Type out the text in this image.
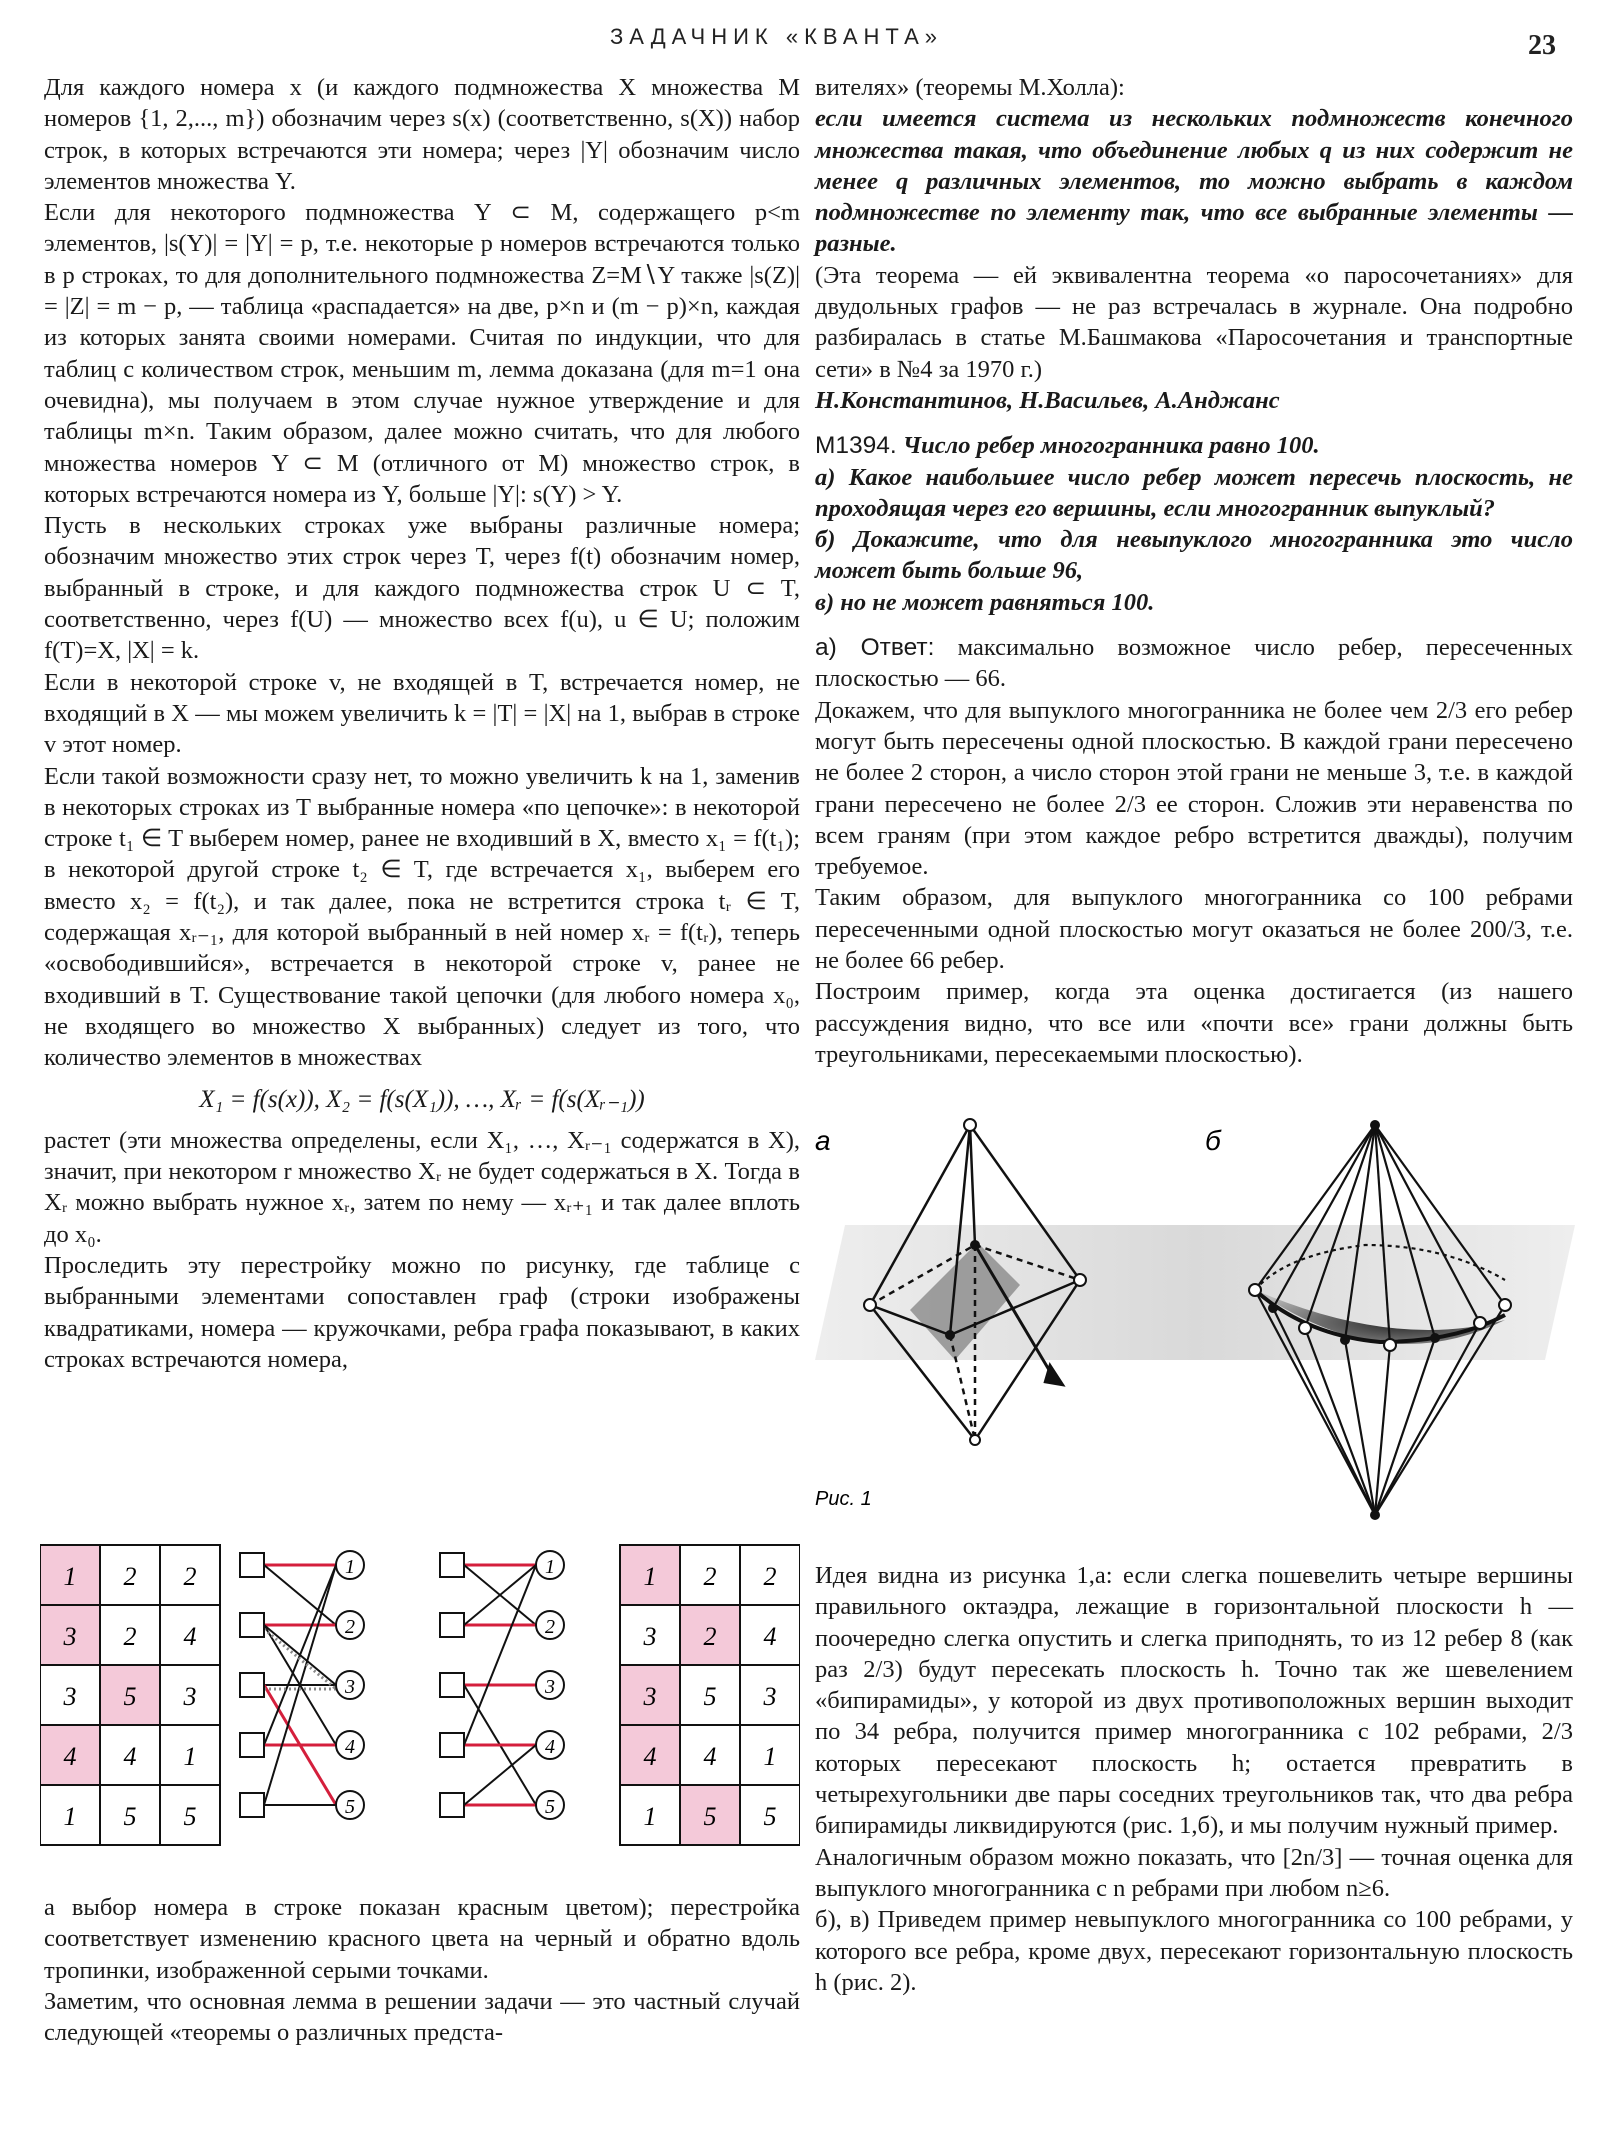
ЗАДАЧНИК «КВАНТА»	23

Для каждого номера x (и каждого подмножества X множества M номеров {1, 2,..., m}) обозначим через s(x) (соответственно, s(X)) набор строк, в которых встречаются эти номера; через |Y| обозначим число элементов множества Y.

Если для некоторого подмножества Y ⊂ M, содержащего p<m элементов, |s(Y)| = |Y| = p, т.е. некоторые p номеров встречаются только в p строках, то для дополнительного подмножества Z=M∖Y также |s(Z)| = |Z| = m − p, — таблица «распадается» на две, p×n и (m − p)×n, каждая из которых занята своими номерами. Считая по индукции, что для таблиц с количеством строк, меньшим m, лемма доказана (для m=1 она очевидна), мы получаем в этом случае нужное утверждение и для таблицы m×n. Таким образом, далее можно считать, что для любого множества номеров Y ⊂ M (отличного от M) множество строк, в которых встречаются номера из Y, больше |Y|: s(Y) > Y.

Пусть в нескольких строках уже выбраны различные номера; обозначим множество этих строк через T, через f(t) обозначим номер, выбранный в строке, и для каждого подмножества строк U ⊂ T, соответственно, через f(U) — множество всех f(u), u ∈ U; положим f(T)=X, |X| = k.

Если в некоторой строке v, не входящей в T, встречается номер, не входящий в X — мы можем увеличить k = |T| = |X| на 1, выбрав в строке v этот номер.

Если такой возможности сразу нет, то можно увеличить k на 1, заменив в некоторых строках из T выбранные номера «по цепочке»: в некоторой строке t₁ ∈ T выберем номер, ранее не входивший в X, вместо x₁ = f(t₁); в некоторой другой строке t₂ ∈ T, где встречается x₁, выберем его вместо x₂ = f(t₂), и так далее, пока не встретится строка tᵣ ∈ T, содержащая xᵣ₋₁, для которой выбранный в ней номер xᵣ = f(tᵣ), теперь «освободившийся», встречается в некоторой строке v, ранее не входивший в T. Существование такой цепочки (для любого номера x₀, не входящего во множество X выбранных) следует из того, что количество элементов в множествах

X₁ = f(s(x)), X₂ = f(s(X₁)), …, Xᵣ = f(s(Xᵣ₋₁))

растет (эти множества определены, если X₁, …, Xᵣ₋₁ содержатся в X), значит, при некотором r множество Xᵣ не будет содержаться в X. Тогда в Xᵣ можно выбрать нужное xᵣ, затем по нему — xᵣ₊₁ и так далее вплоть до x₀.

Проследить эту перестройку можно по рисунку, где таблице с выбранными элементами сопоставлен граф (строки изображены квадратиками, номера — кружочками, ребра графа показывают, в каких строках встречаются номера,

вителях» (теоремы М.Холла):

если имеется система из нескольких подмножеств конечного множества такая, что объединение любых q из них содержит не менее q различных элементов, то можно выбрать в каждом подмножестве по элементу так, что все выбранные элементы — разные.

(Эта теорема — ей эквивалентна теорема «о паросочетаниях» для двудольных графов — не раз встречалась в журнале. Она подробно разбиралась в статье М.Башмакова «Паросочетания и транспортные сети» в №4 за 1970 г.)

Н.Константинов, Н.Васильев, А.Анджанс

М1394. Число ребер многогранника равно 100.

а) Какое наибольшее число ребер может пересечь плоскость, не проходящая через его вершины, если многогранник выпуклый?

б) Докажите, что для невыпуклого многогранника это число может быть больше 96,

в) но не может равняться 100.

а) Ответ: максимально возможное число ребер, пересеченных плоскостью — 66.

Докажем, что для выпуклого многогранника не более чем 2/3 его ребер могут быть пересечены одной плоскостью. В каждой грани пересечено не более 2 сторон, а число сторон этой грани не меньше 3, т.е. в каждой грани пересечено не более 2/3 ее сторон. Сложив эти неравенства по всем граням (при этом каждое ребро встретится дважды), получим требуемое.

Таким образом, для выпуклого многогранника со 100 ребрами пересеченными одной плоскостью могут оказаться не более 200/3, т.е. не более 66 ребер.

Построим пример, когда эта оценка достигается (из нашего рассуждения видно, что все или «почти все» грани должны быть треугольниками, пересекаемыми плоскостью).

а	б
Рис. 1

Идея видна из рисунка 1,а: если слегка пошевелить четыре вершины правильного октаэдра, лежащие в горизонтальной плоскости h — поочередно слегка опустить и слегка приподнять, то из 12 ребер 8 (как раз 2/3) будут пересекать плоскость h. Точно так же шевелением «бипирамиды», у которой из двух противоположных вершин выходит по 34 ребра, получится пример многогранника с 102 ребрами, 2/3 которых пересекают плоскость h; остается превратить в четырехугольники две пары соседних треугольников так, что два ребра бипирамиды ликвидируются (рис. 1,б), и мы получим нужный пример.

Аналогичным образом можно показать, что [2n/3] — точная оценка для выпуклого многогранника с n ребрами при любом n≥6.

б), в) Приведем пример невыпуклого многогранника со 100 ребрами, у которого все ребра, кроме двух, пересекают горизонтальную плоскость h (рис. 2).

1 2 2
3 2 4
3 5 3
4 4 1
1 5 5
1
2
3
4
5
1
2
3
4
5
1 2 2
3 2 4
3 5 3
4 4 1
1 5 5

а выбор номера в строке показан красным цветом); перестройка соответствует изменению красного цвета на черный и обратно вдоль тропинки, изображенной серыми точками.

Заметим, что основная лемма в решении задачи — это частный случай следующей «теоремы о различных предста-
